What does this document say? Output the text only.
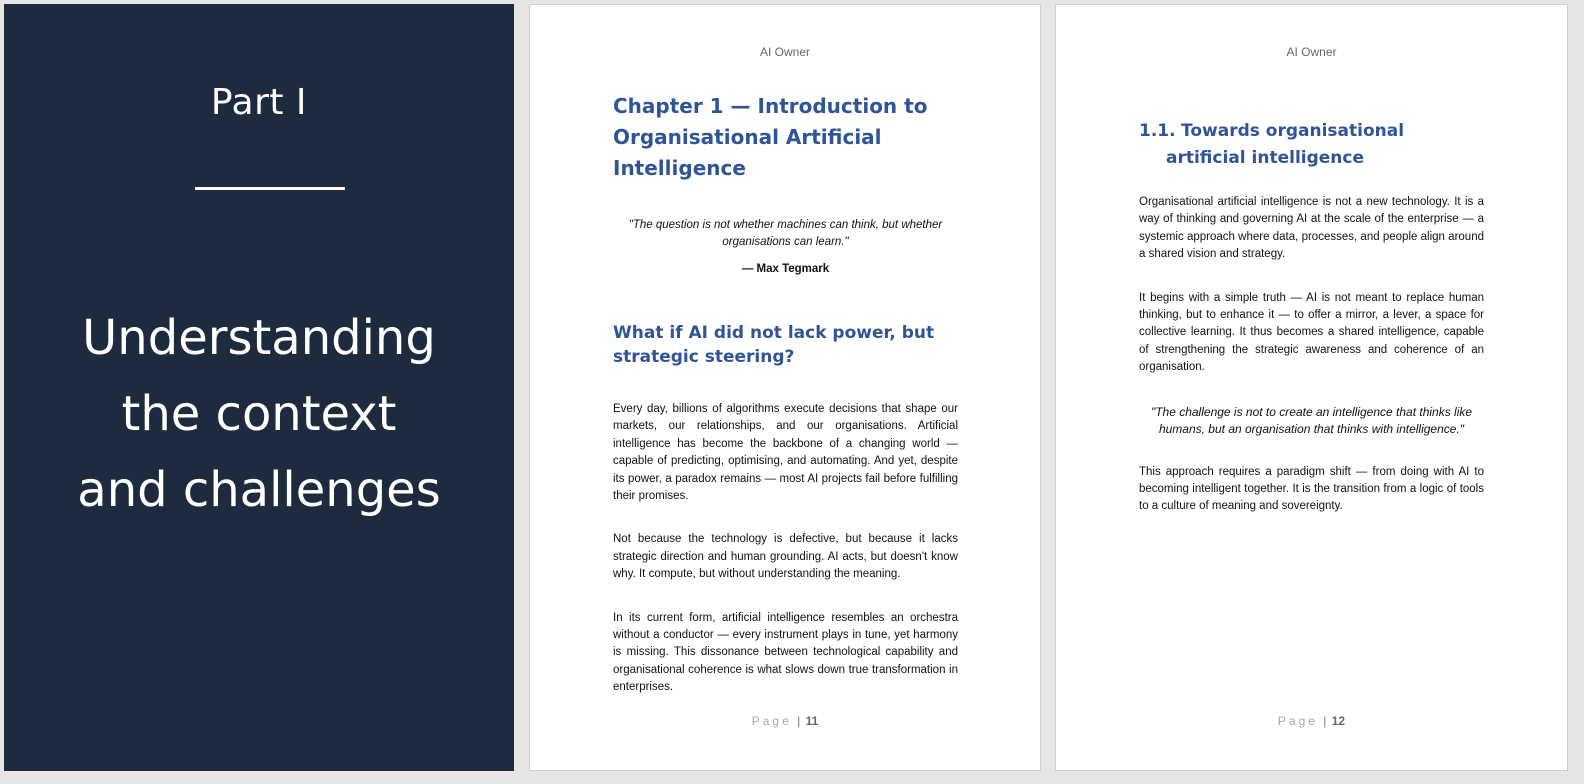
Part I
Understanding
the context
and challenges
AI Owner
Chapter 1 — Introduction to Organisational Artificial Intelligence

"The question is not whether machines can think, but whether organisations can learn."

— Max Tegmark
What if AI did not lack power, but strategic steering?

Every day, billions of algorithms execute decisions that shape our markets, our relationships, and our organisations. Artificial intelligence has become the backbone of a changing world — capable of predicting, optimising, and automating. And yet, despite its power, a paradox remains — most AI projects fail before fulfilling their promises.

Not because the technology is defective, but because it lacks strategic direction and human grounding. AI acts, but doesn't know why. It compute, but without understanding the meaning.

In its current form, artificial intelligence resembles an orchestra without a conductor — every instrument plays in tune, yet harmony is missing. This dissonance between technological capability and organisational coherence is what slows down true transformation in enterprises.

Page | 11
AI Owner
1.1. Towards organisational artificial intelligence

Organisational artificial intelligence is not a new technology. It is a way of thinking and governing AI at the scale of the enterprise — a systemic approach where data, processes, and people align around a shared vision and strategy.

It begins with a simple truth — AI is not meant to replace human thinking, but to enhance it — to offer a mirror, a lever, a space for collective learning. It thus becomes a shared intelligence, capable of strengthening the strategic awareness and coherence of an organisation.

"The challenge is not to create an intelligence that thinks like humans, but an organisation that thinks with intelligence."

This approach requires a paradigm shift — from doing with AI to becoming intelligent together. It is the transition from a logic of tools to a culture of meaning and sovereignty.

Page | 12
